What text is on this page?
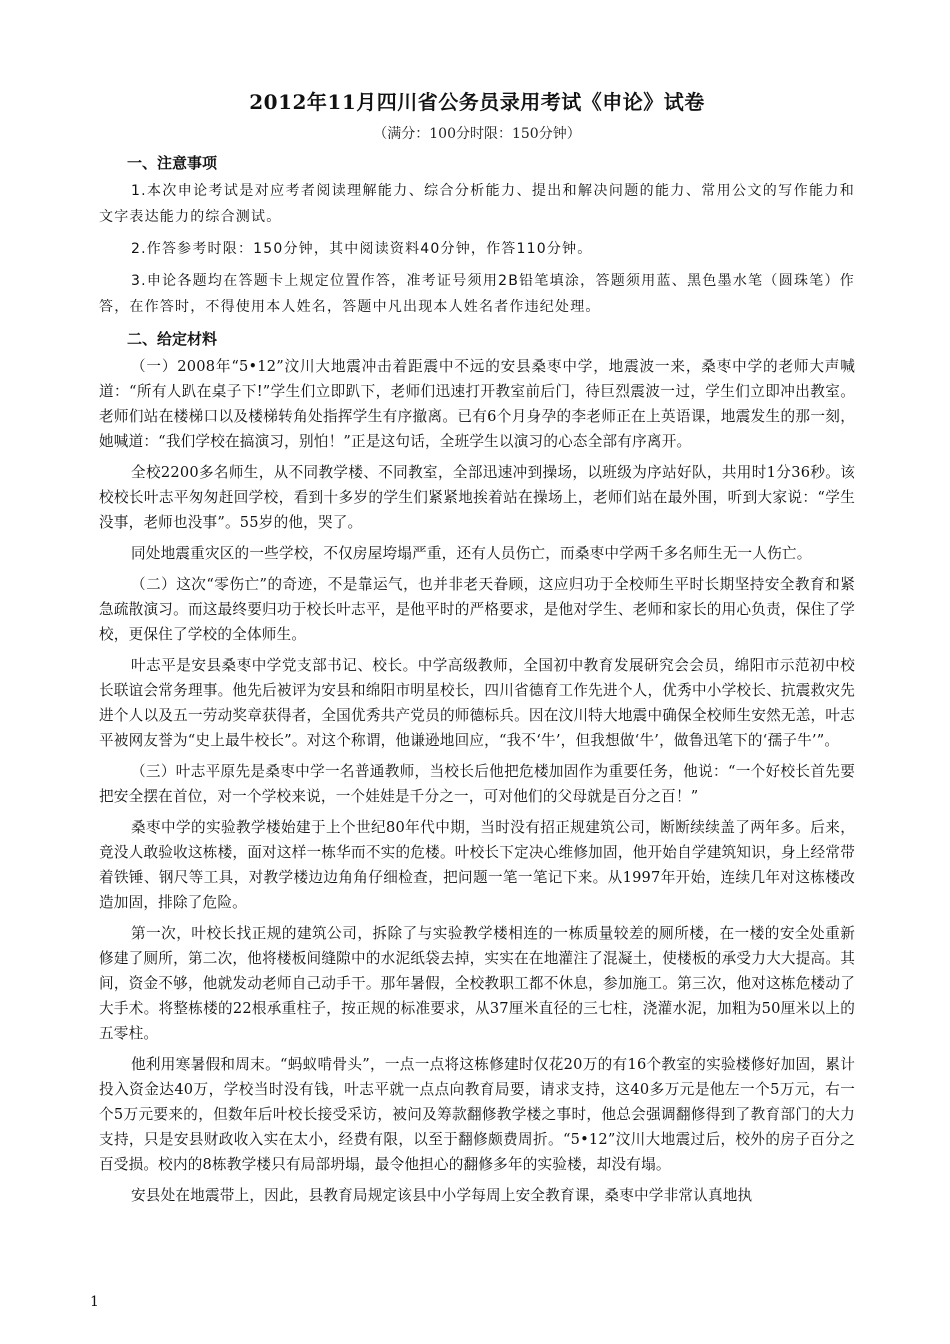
2012年11月四川省公务员录用考试《申论》试卷
（满分：100分时限：150分钟）
一、注意事项

1.本次申论考试是对应考者阅读理解能力、综合分析能力、提出和解决问题的能力、常用公文的写作能力和文字表达能力的综合测试。

2.作答参考时限：150分钟，其中阅读资料40分钟，作答110分钟。

3.申论各题均在答题卡上规定位置作答，准考证号须用2B铅笔填涂，答题须用蓝、黑色墨水笔（圆珠笔）作答，在作答时，不得使用本人姓名，答题中凡出现本人姓名者作违纪处理。

二、给定材料

（一）2008年“5•12”汶川大地震冲击着距震中不远的安县桑枣中学，地震波一来，桑枣中学的老师大声喊道：“所有人趴在桌子下!”学生们立即趴下，老师们迅速打开教室前后门，待巨烈震波一过，学生们立即冲出教室。老师们站在楼梯口以及楼梯转角处指挥学生有序撤离。已有6个月身孕的李老师正在上英语课，地震发生的那一刻，她喊道：“我们学校在搞演习，别怕！”正是这句话，全班学生以演习的心态全部有序离开。

全校2200多名师生，从不同教学楼、不同教室，全部迅速冲到操场，以班级为序站好队，共用时1分36秒。该校校长叶志平匆匆赶回学校，看到十多岁的学生们紧紧地挨着站在操场上，老师们站在最外围，听到大家说：“学生没事，老师也没事”。55岁的他，哭了。

同处地震重灾区的一些学校，不仅房屋垮塌严重，还有人员伤亡，而桑枣中学两千多名师生无一人伤亡。

（二）这次“零伤亡”的奇迹，不是靠运气，也并非老天眷顾，这应归功于全校师生平时长期坚持安全教育和紧急疏散演习。而这最终要归功于校长叶志平，是他平时的严格要求，是他对学生、老师和家长的用心负责，保住了学校，更保住了学校的全体师生。

叶志平是安县桑枣中学党支部书记、校长。中学高级教师，全国初中教育发展研究会会员，绵阳市示范初中校长联谊会常务理事。他先后被评为安县和绵阳市明星校长，四川省德育工作先进个人，优秀中小学校长、抗震救灾先进个人以及五一劳动奖章获得者，全国优秀共产党员的师德标兵。因在汶川特大地震中确保全校师生安然无恙，叶志平被网友誉为“史上最牛校长”。对这个称谓，他谦逊地回应，“我不‘牛’，但我想做‘牛’，做鲁迅笔下的‘孺子牛’”。

（三）叶志平原先是桑枣中学一名普通教师，当校长后他把危楼加固作为重要任务，他说：“一个好校长首先要把安全摆在首位，对一个学校来说，一个娃娃是千分之一，可对他们的父母就是百分之百！”

桑枣中学的实验教学楼始建于上个世纪80年代中期，当时没有招正规建筑公司，断断续续盖了两年多。后来，竟没人敢验收这栋楼，面对这样一栋华而不实的危楼。叶校长下定决心维修加固，他开始自学建筑知识，身上经常带着铁锤、钢尺等工具，对教学楼边边角角仔细检查，把问题一笔一笔记下来。从1997年开始，连续几年对这栋楼改造加固，排除了危险。

第一次，叶校长找正规的建筑公司，拆除了与实验教学楼相连的一栋质量较差的厕所楼，在一楼的安全处重新修建了厕所，第二次，他将楼板间缝隙中的水泥纸袋去掉，实实在在地灌注了混凝土，使楼板的承受力大大提高。其间，资金不够，他就发动老师自己动手干。那年暑假，全校教职工都不休息，参加施工。第三次，他对这栋危楼动了大手术。将整栋楼的22根承重柱子，按正规的标准要求，从37厘米直径的三七柱，浇灌水泥，加粗为50厘米以上的五零柱。

他利用寒暑假和周末。“蚂蚁啃骨头”，一点一点将这栋修建时仅花20万的有16个教室的实验楼修好加固，累计投入资金达40万，学校当时没有钱，叶志平就一点点向教育局要，请求支持，这40多万元是他左一个5万元，右一个5万元要来的，但数年后叶校长接受采访，被问及筹款翻修教学楼之事时，他总会强调翻修得到了教育部门的大力支持，只是安县财政收入实在太小，经费有限，以至于翻修颇费周折。“5•12”汶川大地震过后，校外的房子百分之百受损。校内的8栋教学楼只有局部坍塌，最令他担心的翻修多年的实验楼，却没有塌。

安县处在地震带上，因此，县教育局规定该县中小学每周上安全教育课，桑枣中学非常认真地执

1
